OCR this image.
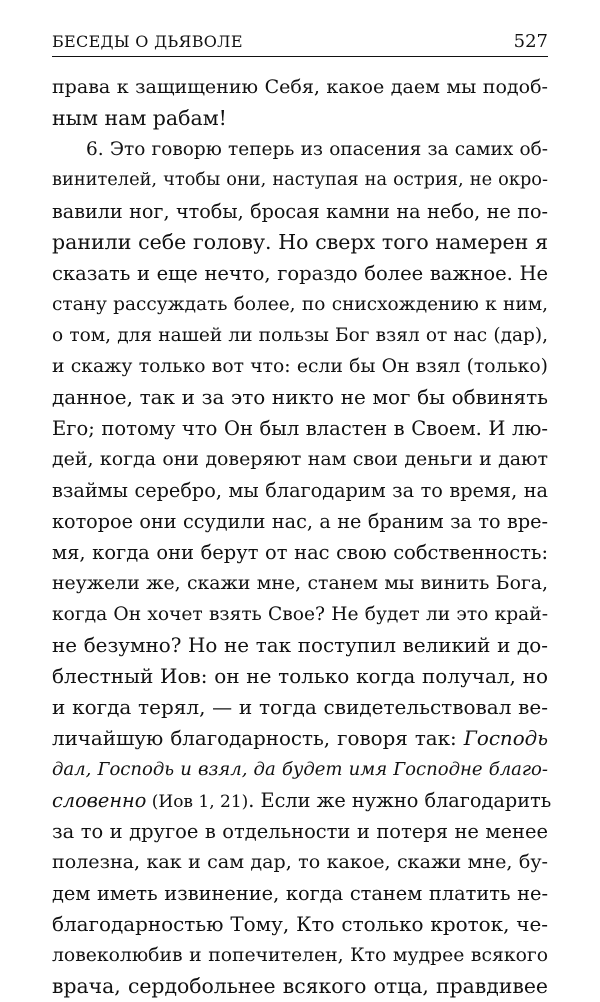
БЕСЕДЫ О ДЬЯВОЛЕ	527
права к защищению Себя, какое даем мы подоб-
ным нам рабам!
6. Это говорю теперь из опасения за самих об-
винителей, чтобы они, наступая на острия, не окро-
вавили ног, чтобы, бросая камни на небо, не по-
ранили себе голову. Но сверх того намерен я
сказать и еще нечто, гораздо более важное. Не
стану рассуждать более, по снисхождению к ним,
о том, для нашей ли пользы Бог взял от нас (дар),
и скажу только вот что: если бы Он взял (только)
данное, так и за это никто не мог бы обвинять
Его; потому что Он был властен в Своем. И лю-
дей, когда они доверяют нам свои деньги и дают
взаймы серебро, мы благодарим за то время, на
которое они ссудили нас, а не браним за то вре-
мя, когда они берут от нас свою собственность:
неужели же, скажи мне, станем мы винить Бога,
когда Он хочет взять Свое? Не будет ли это край-
не безумно? Но не так поступил великий и до-
блестный Иов: он не только когда получал, но
и когда терял, — и тогда свидетельствовал ве-
личайшую благодарность, говоря так: Господь
дал, Господь и взял, да будет имя Господне благо-
словенно (Иов 1, 21). Если же нужно благодарить
за то и другое в отдельности и потеря не менее
полезна, как и сам дар, то какое, скажи мне, бу-
дем иметь извинение, когда станем платить не-
благодарностью Тому, Кто столько кроток, че-
ловеколюбив и попечителен, Кто мудрее всякого
врача, сердобольнее всякого отца, правдивее
